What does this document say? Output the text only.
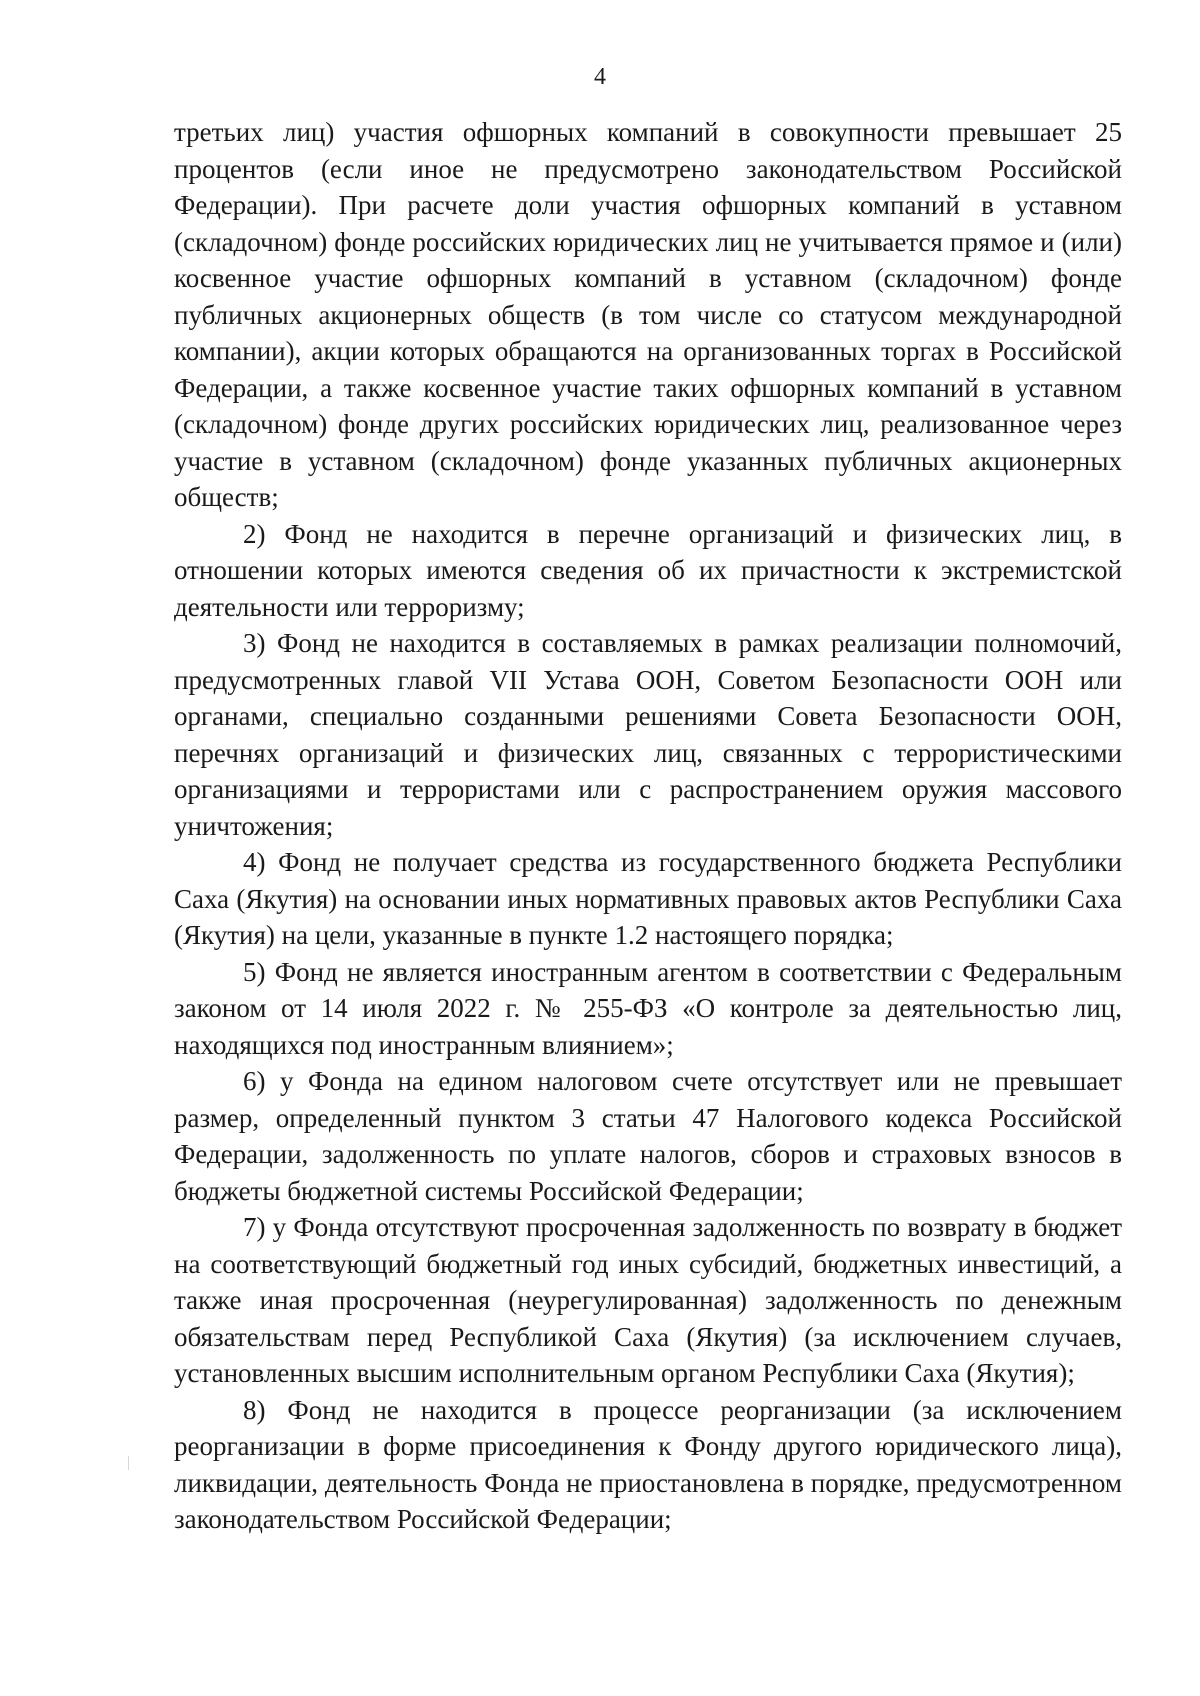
4

третьих лиц) участия офшорных компаний в совокупности превышает 25 процентов (если иное не предусмотрено законодательством Российской Федерации). При расчете доли участия офшорных компаний в уставном (складочном) фонде российских юридических лиц не учитывается прямое и (или) косвенное участие офшорных компаний в уставном (складочном) фонде публичных акционерных обществ (в том числе со статусом международной компании), акции которых обращаются на организованных торгах в Российской Федерации, а также косвенное участие таких офшорных компаний в уставном (складочном) фонде других российских юридических лиц, реализованное через участие в уставном (складочном) фонде указанных публичных акционерных обществ;

2) Фонд не находится в перечне организаций и физических лиц, в отношении которых имеются сведения об их причастности к экстремистской деятельности или терроризму;

3) Фонд не находится в составляемых в рамках реализации полномочий, предусмотренных главой VII Устава ООН, Советом Безопасности ООН или органами, специально созданными решениями Совета Безопасности ООН, перечнях организаций и физических лиц, связанных с террористическими организациями и террористами или с распространением оружия массового уничтожения;

4) Фонд не получает средства из государственного бюджета Республики Саха (Якутия) на основании иных нормативных правовых актов Республики Саха (Якутия) на цели, указанные в пункте 1.2 настоящего порядка;

5) Фонд не является иностранным агентом в соответствии с Федеральным законом от 14 июля 2022 г. № 255-ФЗ «О контроле за деятельностью лиц, находящихся под иностранным влиянием»;

6) у Фонда на едином налоговом счете отсутствует или не превышает размер, определенный пунктом 3 статьи 47 Налогового кодекса Российской Федерации, задолженность по уплате налогов, сборов и страховых взносов в бюджеты бюджетной системы Российской Федерации;

7) у Фонда отсутствуют просроченная задолженность по возврату в бюджет на соответствующий бюджетный год иных субсидий, бюджетных инвестиций, а также иная просроченная (неурегулированная) задолженность по денежным обязательствам перед Республикой Саха (Якутия) (за исключением случаев, установленных высшим исполнительным органом Республики Саха (Якутия);

8) Фонд не находится в процессе реорганизации (за исключением реорганизации в форме присоединения к Фонду другого юридического лица), ликвидации, деятельность Фонда не приостановлена в порядке, предусмотренном законодательством Российской Федерации;
